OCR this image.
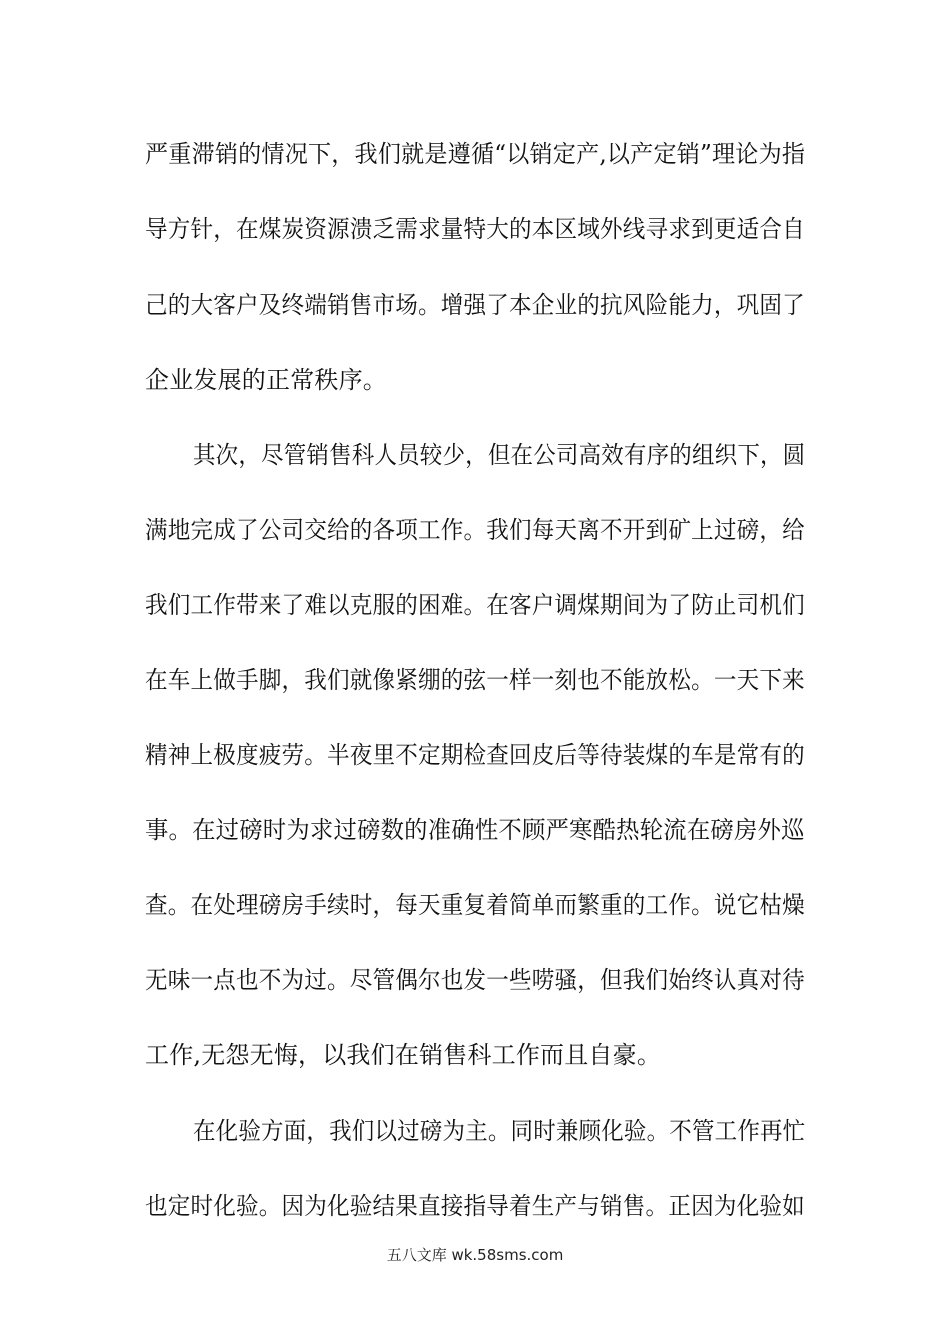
严重滞销的情况下，我们就是遵循“以销定产,以产定销”理论为指
导方针，在煤炭资源溃乏需求量特大的本区域外线寻求到更适合自
己的大客户及终端销售市场。增强了本企业的抗风险能力，巩固了
企业发展的正常秩序。
其次，尽管销售科人员较少，但在公司高效有序的组织下，圆
满地完成了公司交给的各项工作。我们每天离不开到矿上过磅，给
我们工作带来了难以克服的困难。在客户调煤期间为了防止司机们
在车上做手脚，我们就像紧绷的弦一样一刻也不能放松。一天下来
精神上极度疲劳。半夜里不定期检查回皮后等待装煤的车是常有的
事。在过磅时为求过磅数的准确性不顾严寒酷热轮流在磅房外巡
查。在处理磅房手续时，每天重复着简单而繁重的工作。说它枯燥
无味一点也不为过。尽管偶尔也发一些唠骚，但我们始终认真对待
工作,无怨无悔，以我们在销售科工作而且自豪。
在化验方面，我们以过磅为主。同时兼顾化验。不管工作再忙
也定时化验。因为化验结果直接指导着生产与销售。正因为化验如
五八文库 wk.58sms.com
